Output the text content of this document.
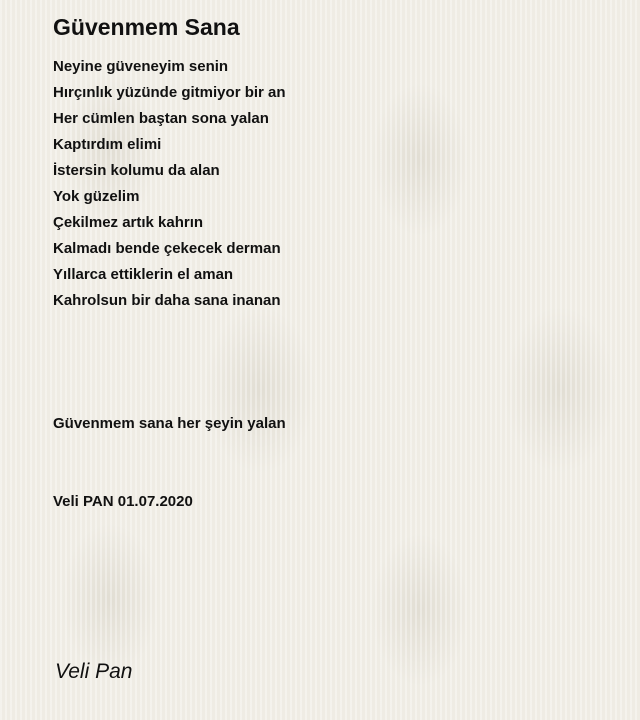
Güvenmem Sana

Neyine güveneyim senin

Hırçınlık yüzünde gitmiyor bir an

Her cümlen baştan sona yalan

Kaptırdım elimi

İstersin kolumu da alan

Yok güzelim

Çekilmez artık kahrın

Kalmadı bende çekecek derman

Yıllarca ettiklerin el aman

Kahrolsun bir daha sana inanan

Güvenmem sana her şeyin yalan

Veli PAN 01.07.2020

Veli Pan
